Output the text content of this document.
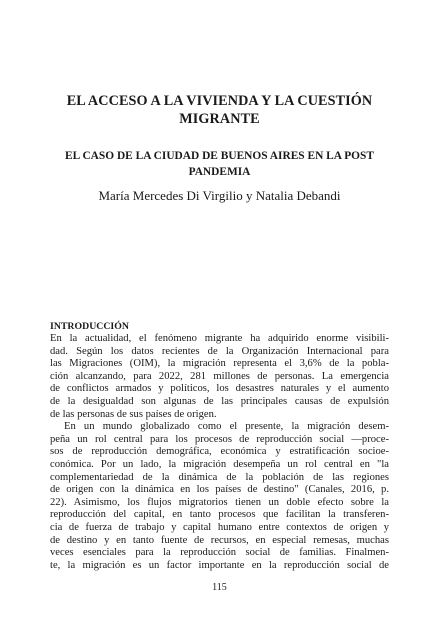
EL ACCESO A LA VIVIENDA Y LA CUESTIÓN MIGRANTE
EL CASO DE LA CIUDAD DE BUENOS AIRES EN LA POST PANDEMIA
María Mercedes Di Virgilio y Natalia Debandi
INTRODUCCIÓN
En la actualidad, el fenómeno migrante ha adquirido enorme visibili-
dad. Según los datos recientes de la Organización Internacional para
las Migraciones (OIM), la migración representa el 3,6% de la pobla-
ción alcanzando, para 2022, 281 millones de personas. La emergencia
de conflictos armados y políticos, los desastres naturales y el aumento
de la desigualdad son algunas de las principales causas de expulsión
de las personas de sus países de origen.
En un mundo globalizado como el presente, la migración desem-
peña un rol central para los procesos de reproducción social —proce-
sos de reproducción demográfica, económica y estratificación socioe-
conómica. Por un lado, la migración desempeña un rol central en "la
complementariedad de la dinámica de la población de las regiones
de origen con la dinámica en los países de destino" (Canales, 2016, p.
22). Asimismo, los flujos migratorios tienen un doble efecto sobre la
reproducción del capital, en tanto procesos que facilitan la transferen-
cia de fuerza de trabajo y capital humano entre contextos de origen y
de destino y en tanto fuente de recursos, en especial remesas, muchas
veces esenciales para la reproducción social de familias. Finalmen-
te, la migración es un factor importante en la reproducción social de
115
